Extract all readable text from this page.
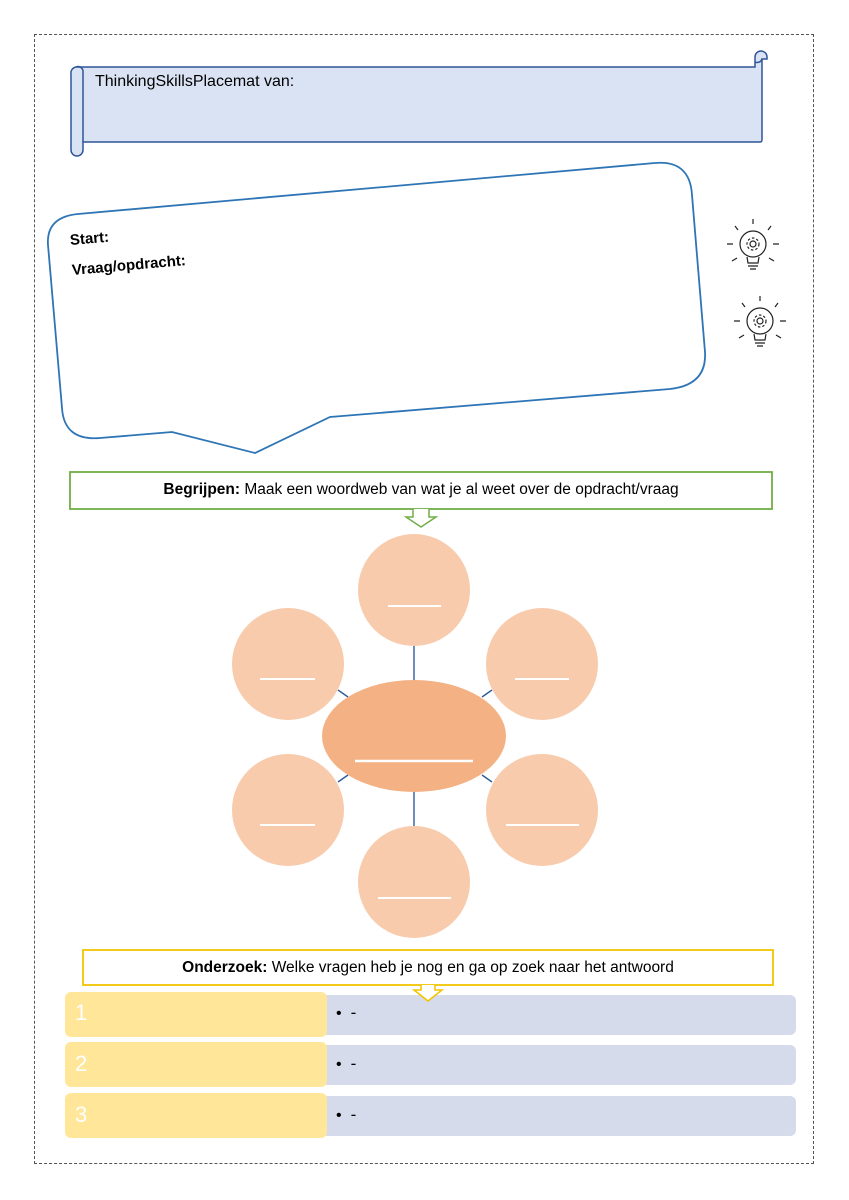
ThinkingSkillsPlacemat van:
Start:
Vraag/opdracht:
Begrijpen: Maak een woordweb van wat je al weet over de opdracht/vraag
Onderzoek: Welke vragen heb je nog en ga op zoek naar het antwoord
1	• -
2	• -
3	• -
